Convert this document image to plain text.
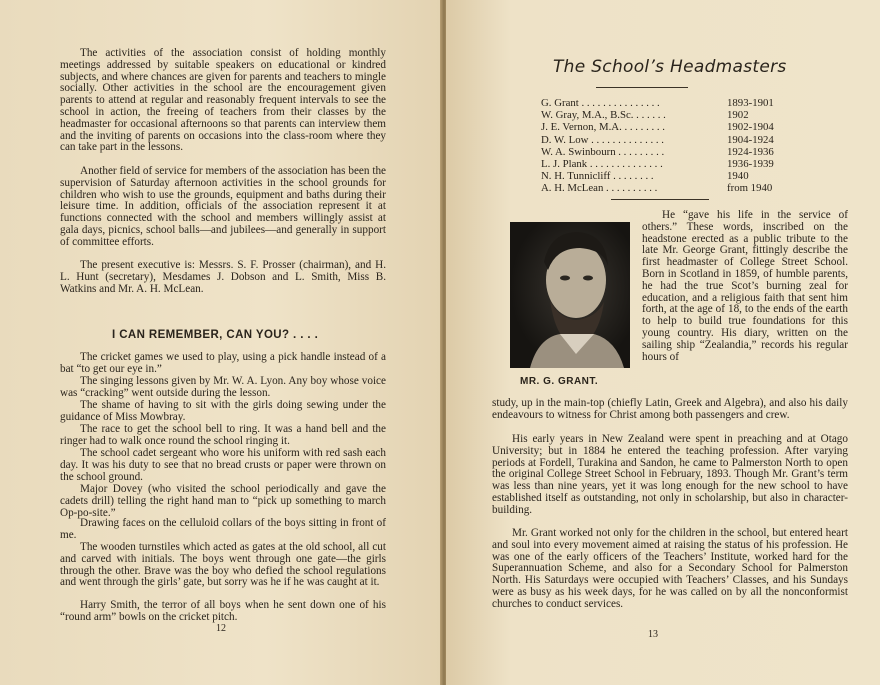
The activities of the association consist of holding monthly meetings addressed by suitable speakers on educational or kindred subjects, and where chances are given for parents and teachers to mingle socially. Other activities in the school are the encouragement given parents to attend at regular and reasonably frequent intervals to see the school in action, the freeing of teachers from their classes by the headmaster for occasional afternoons so that parents can interview them and the inviting of parents on occasions into the class-room where they can take part in the lessons.

Another field of service for members of the association has been the supervision of Saturday afternoon activities in the school grounds for children who wish to use the grounds, equipment and baths during their leisure time. In addition, officials of the association represent it at functions connected with the school and members willingly assist at gala days, picnics, school balls—and jubilees—and generally in support of committee efforts.

The present executive is: Messrs. S. F. Prosser (chairman), and H. L. Hunt (secretary), Mesdames J. Dobson and L. Smith, Miss B. Watkins and Mr. A. H. McLean.

I CAN REMEMBER, CAN YOU? . . . .

The cricket games we used to play, using a pick handle instead of a bat “to get our eye in.”

The singing lessons given by Mr. W. A. Lyon. Any boy whose voice was “cracking” went outside during the lesson.

The shame of having to sit with the girls doing sewing under the guidance of Miss Mowbray.

The race to get the school bell to ring. It was a hand bell and the ringer had to walk once round the school ringing it.

The school cadet sergeant who wore his uniform with red sash each day. It was his duty to see that no bread crusts or paper were thrown on the school ground.

Major Dovey (who visited the school periodically and gave the cadets drill) telling the right hand man to “pick up something to march Op-po-site.”

Drawing faces on the celluloid collars of the boys sitting in front of me.

The wooden turnstiles which acted as gates at the old school, all cut and carved with initials. The boys went through one gate—the girls through the other. Brave was the boy who defied the school regulations and went through the girls’ gate, but sorry was he if he was caught at it.

Harry Smith, the terror of all boys when he sent down one of his “round arm” bowls on the cricket pitch.

12
The School’s Headmasters
G. Grant . . . . . . . . . . . . . . .	1893-1901
W. Gray, M.A., B.Sc. . . . . . .	1902
J. E. Vernon, M.A. . . . . . . . .	1902-1904
D. W. Low . . . . . . . . . . . . . .	1904-1924
W. A. Swinbourn . . . . . . . . .	1924-1936
L. J. Plank . . . . . . . . . . . . . .	1936-1939
N. H. Tunnicliff . . . . . . . .	1940
A. H. McLean . . . . . . . . . .	from 1940
MR. G. GRANT.

He “gave his life in the service of others.” These words, inscribed on the headstone erected as a public tribute to the late Mr. George Grant, fittingly describe the first headmaster of College Street School. Born in Scotland in 1859, of humble parents, he had the true Scot’s burning zeal for education, and a religious faith that sent him forth, at the age of 18, to the ends of the earth to help to build true foundations for this young country. His diary, written on the sailing ship “Zealandia,” records his regular hours of

study, up in the main-top (chiefly Latin, Greek and Algebra), and also his daily endeavours to witness for Christ among both passengers and crew.

His early years in New Zealand were spent in preaching and at Otago University; but in 1884 he entered the teaching profession. After varying periods at Fordell, Turakina and Sandon, he came to Palmerston North to open the original College Street School in February, 1893. Though Mr. Grant’s term was less than nine years, yet it was long enough for the new school to have established itself as outstanding, not only in scholarship, but also in character-building.

Mr. Grant worked not only for the children in the school, but entered heart and soul into every movement aimed at raising the status of his profession. He was one of the early officers of the Teachers’ Institute, worked hard for the Superannuation Scheme, and also for a Secondary School for Palmerston North. His Saturdays were occupied with Teachers’ Classes, and his Sundays were as busy as his week days, for he was called on by all the nonconformist churches to conduct services.

13
